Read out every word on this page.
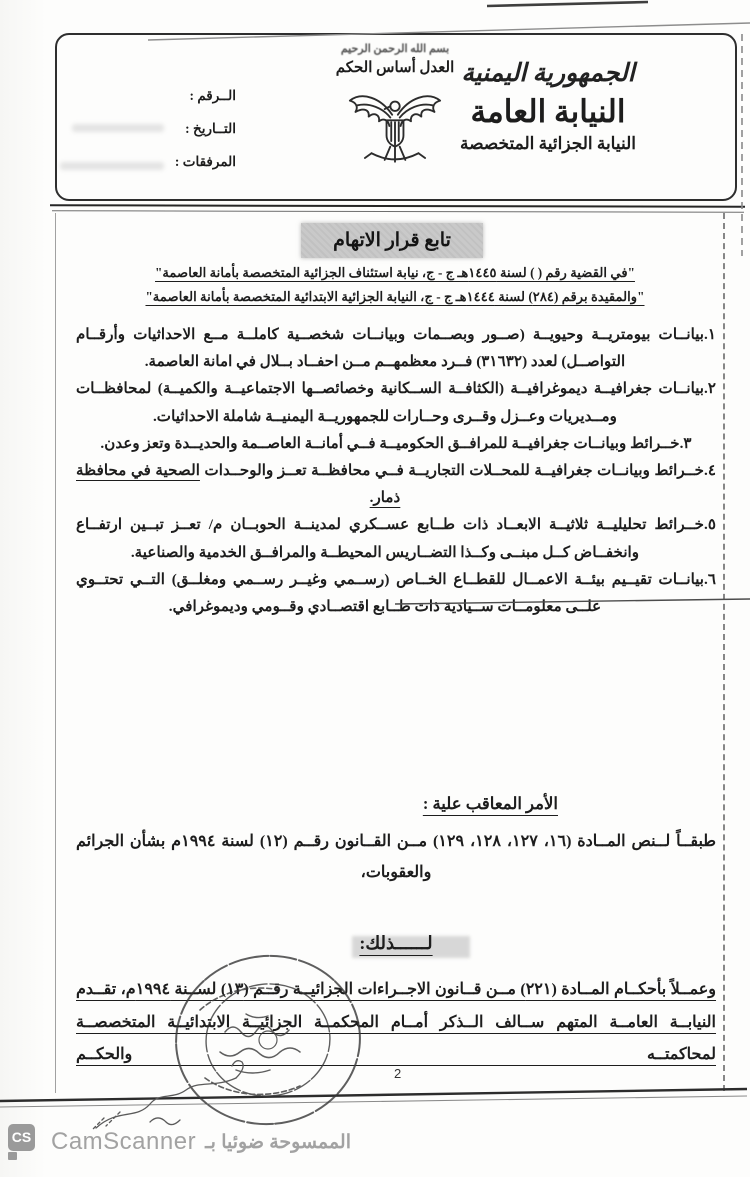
الجمهورية اليمنية
النيابة العامة
النيابة الجزائية المتخصصة
بسم الله الرحمن الرحيم
العدل أساس الحكم
الــرقم :
التــاريخ :
المرفقات :
تابع قرار الاتهام
"في القضية رقم ( ) لسنة ١٤٤٥هـ ج - ج، نيابة استئناف الجزائية المتخصصة بأمانة العاصمة"
"والمقيدة برقم (٢٨٤) لسنة ١٤٤٤هـ ج - ج، النيابة الجزائية الابتدائية المتخصصة بأمانة العاصمة"
١.بيانــات بيومتريــة وحيويــة (صــور وبصــمات وبيانــات شخصــية كاملــة مــع الاحداثيات وأرقــام التواصــل) لعدد (٣١٦٣٢) فــرد معظمهــم مــن احفــاد بــلال في امانة العاصمة.
٢.بيانــات جغرافيــة ديموغرافيــة (الكثافــة الســكانية وخصائصــها الاجتماعيــة والكميــة) لمحافظــات ومــديريات وعــزل وقــرى وحــارات للجمهوريــة اليمنيــة شاملة الاحداثيات.
٣.خــرائط وبيانــات جغرافيــة للمرافــق الحكوميــة فــي أمانــة العاصــمة والحديــدة وتعز وعدن.
٤.خــرائط وبيانــات جغرافيــة للمحــلات التجاريــة فــي محافظــة تعــز والوحــدات الصحية في محافظة ذمار.
٥.خــرائط تحليليــة ثلاثيــة الابعــاد ذات طــابع عســكري لمدينــة الحوبــان م/ تعــز تبــين ارتفــاع وانخفــاض كــل مبنــى وكــذا التضــاريس المحيطــة والمرافــق الخدمية والصناعية.
٦.بيانــات تقيــيم بيئــة الاعمــال للقطــاع الخــاص (رســمي وغيــر رســمي ومغلــق) التــي تحتــوي علــى معلومــات ســيادية ذات طــابع اقتصــادي وقــومي وديموغرافي.
الأمر المعاقب علية :
طبقــاً لــنص المــادة (١٦، ١٢٧، ١٢٨، ١٢٩) مــن القــانون رقــم (١٢) لسنة ١٩٩٤م بشأن الجرائم والعقوبات،
لــــــذلك:
وعمــلاً بأحكــام المــادة (٢٢١) مــن قــانون الاجــراءات الجزائيــة رقــم (١٣) لســنة ١٩٩٤م، تقــدم النيابــة العامــة المتهم ســالف الــذكر أمــام المحكمــة الجزائيــة الابتدائيــة المتخصصــة لمحاكمتــه والحكــم
2
CS CamScanner الممسوحة ضوئيا بـ
